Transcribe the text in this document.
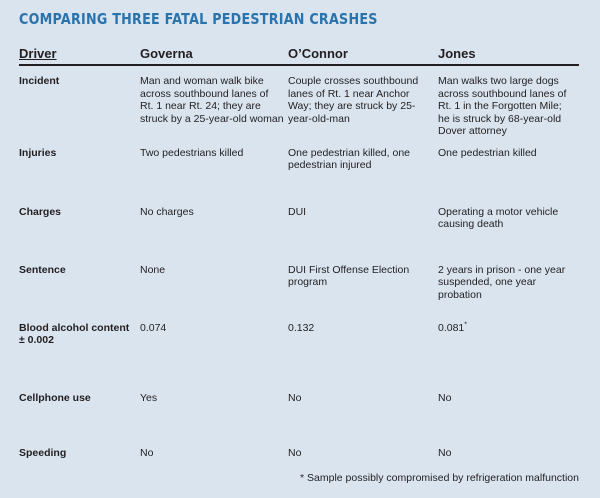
COMPARING THREE FATAL PEDESTRIAN CRASHES
Driver	Governa	O’Connor	Jones
Incident	Man and woman walk bike across southbound lanes of Rt. 1 near Rt. 24; they are struck by a 25-year-old woman	Couple crosses southbound lanes of Rt. 1 near Anchor Way; they are struck by 25-year-old-man	Man walks two large dogs across southbound lanes of Rt. 1 in the Forgotten Mile; he is struck by 68-year-old Dover attorney
Injuries	Two pedestrians killed	One pedestrian killed, one pedestrian injured	One pedestrian killed
Charges	No charges	DUI	Operating a motor vehicle causing death
Sentence	None	DUI First Offense Election program	2 years in prison - one year suspended, one year probation
Blood alcohol content ± 0.002	0.074	0.132	0.081*
Cellphone use	Yes	No	No
Speeding	No	No	No
* Sample possibly compromised by refrigeration malfunction
